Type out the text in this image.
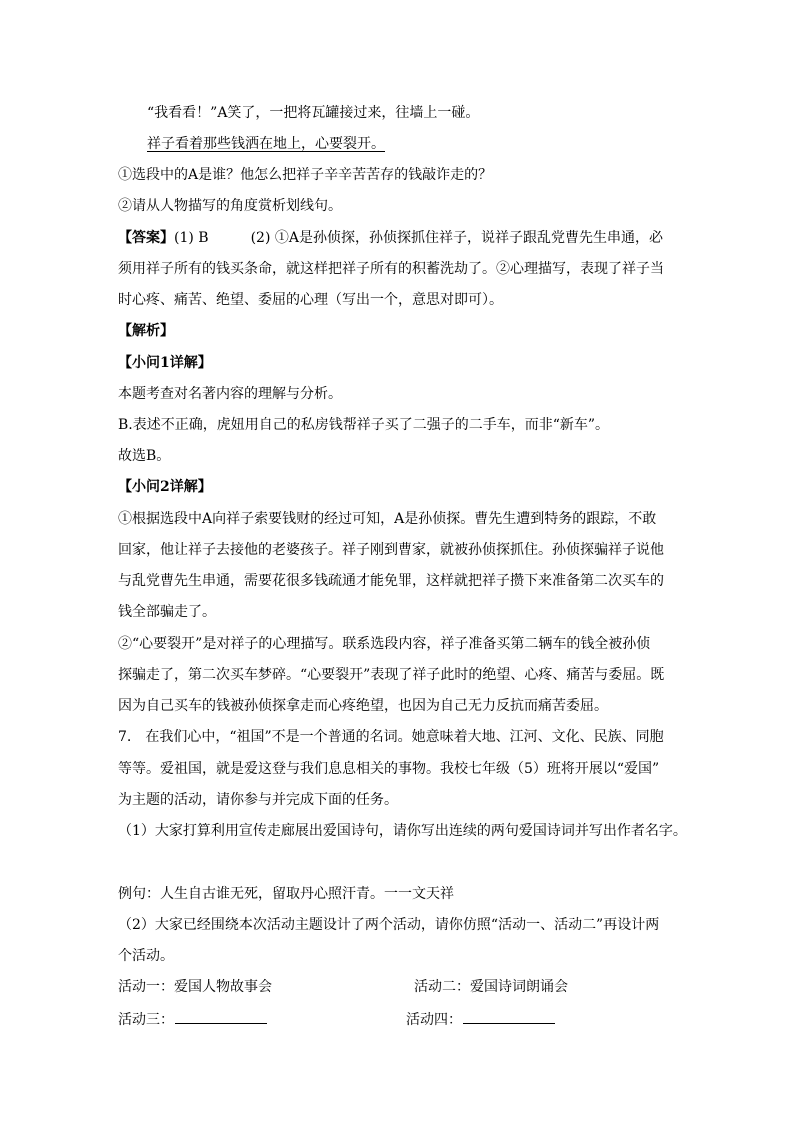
“我看看！”A笑了，一把将瓦罐接过来，往墙上一碰。

祥子看着那些钱洒在地上，心要裂开。

①选段中的A是谁？他怎么把祥子辛辛苦苦存的钱敲诈走的？

②请从人物描写的角度赏析划线句。

【答案】(1) B　　　(2) ①A是孙侦探，孙侦探抓住祥子，说祥子跟乱党曹先生串通，必

须用祥子所有的钱买条命，就这样把祥子所有的积蓄洗劫了。②心理描写，表现了祥子当

时心疼、痛苦、绝望、委屈的心理（写出一个，意思对即可）。

【解析】

【小问1详解】

本题考查对名著内容的理解与分析。

B.表述不正确，虎妞用自己的私房钱帮祥子买了二强子的二手车，而非“新车”。

故选B。

【小问2详解】

①根据选段中A向祥子索要钱财的经过可知，A是孙侦探。曹先生遭到特务的跟踪，不敢

回家，他让祥子去接他的老婆孩子。祥子刚到曹家，就被孙侦探抓住。孙侦探骗祥子说他

与乱党曹先生串通，需要花很多钱疏通才能免罪，这样就把祥子攒下来准备第二次买车的

钱全部骗走了。

②“心要裂开”是对祥子的心理描写。联系选段内容，祥子准备买第二辆车的钱全被孙侦

探骗走了，第二次买车梦碎。“心要裂开”表现了祥子此时的绝望、心疼、痛苦与委屈。既

因为自己买车的钱被孙侦探拿走而心疼绝望，也因为自己无力反抗而痛苦委屈。

7.　在我们心中，“祖国”不是一个普通的名词。她意味着大地、江河、文化、民族、同胞

等等。爱祖国，就是爱这登与我们息息相关的事物。我校七年级（5）班将开展以“爱国”

为主题的活动，请你参与并完成下面的任务。

（1）大家打算利用宣传走廊展出爱国诗句，请你写出连续的两句爱国诗词并写出作者名字。

例句：人生自古谁无死，留取丹心照汗青。一一文天祥

（2）大家已经围绕本次活动主题设计了两个活动，请你仿照“活动一、活动二”再设计两

个活动。

活动一：爱国人物故事会	活动二：爱国诗词朗诵会
活动三：	活动四：
